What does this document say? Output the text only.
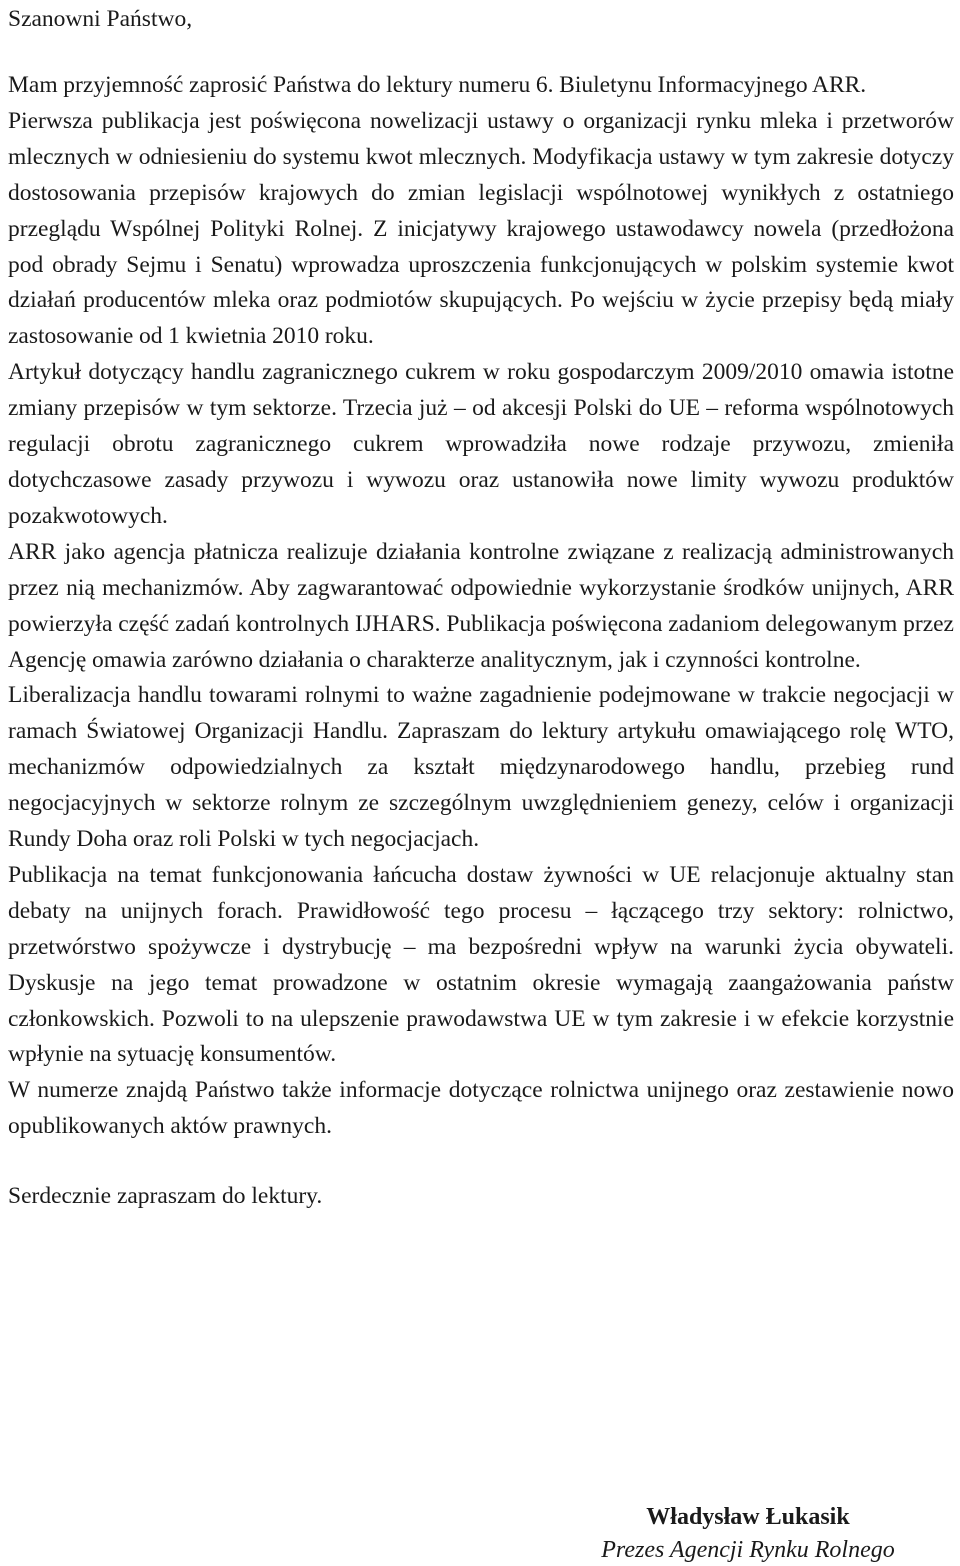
Szanowni Państwo,

Mam przyjemność zaprosić Państwa do lektury numeru 6. Biuletynu Informacyjnego ARR.

Pierwsza publikacja jest poświęcona nowelizacji ustawy o organizacji rynku mleka i przetworów mlecznych w odniesieniu do systemu kwot mlecznych. Modyfikacja ustawy w tym zakresie dotyczy dostosowania przepisów krajowych do zmian legislacji wspólnotowej wynikłych z ostatniego przeglądu Wspólnej Polityki Rolnej. Z inicjatywy krajowego ustawodawcy nowela (przedłożona pod obrady Sejmu i Senatu) wprowadza uproszczenia funkcjonujących w polskim systemie kwot działań producentów mleka oraz podmiotów skupujących. Po wejściu w życie przepisy będą miały zastosowanie od 1 kwietnia 2010 roku.

Artykuł dotyczący handlu zagranicznego cukrem w roku gospodarczym 2009/2010 omawia istotne zmiany przepisów w tym sektorze. Trzecia już – od akcesji Polski do UE – reforma wspólnotowych regulacji obrotu zagranicznego cukrem wprowadziła nowe rodzaje przywozu, zmieniła dotychczasowe zasady przywozu i wywozu oraz ustanowiła nowe limity wywozu produktów pozakwotowych.

ARR jako agencja płatnicza realizuje działania kontrolne związane z realizacją administrowanych przez nią mechanizmów. Aby zagwarantować odpowiednie wykorzystanie środków unijnych, ARR powierzyła część zadań kontrolnych IJHARS. Publikacja poświęcona zadaniom delegowanym przez Agencję omawia zarówno działania o charakterze analitycznym, jak i czynności kontrolne.

Liberalizacja handlu towarami rolnymi to ważne zagadnienie podejmowane w trakcie negocjacji w ramach Światowej Organizacji Handlu. Zapraszam do lektury artykułu omawiającego rolę WTO, mechanizmów odpowiedzialnych za kształt międzynarodowego handlu, przebieg rund negocjacyjnych w sektorze rolnym ze szczególnym uwzględnieniem genezy, celów i organizacji Rundy Doha oraz roli Polski w tych negocjacjach.

Publikacja na temat funkcjonowania łańcucha dostaw żywności w UE relacjonuje aktualny stan debaty na unijnych forach. Prawidłowość tego procesu – łączącego trzy sektory: rolnictwo, przetwórstwo spożywcze i dystrybucję – ma bezpośredni wpływ na warunki życia obywateli. Dyskusje na jego temat prowadzone w ostatnim okresie wymagają zaangażowania państw członkowskich. Pozwoli to na ulepszenie prawodawstwa UE w tym zakresie i w efekcie korzystnie wpłynie na sytuację konsumentów.

W numerze znajdą Państwo także informacje dotyczące rolnictwa unijnego oraz zestawienie nowo opublikowanych aktów prawnych.

Serdecznie zapraszam do lektury.

Władysław Łukasik
Prezes Agencji Rynku Rolnego
